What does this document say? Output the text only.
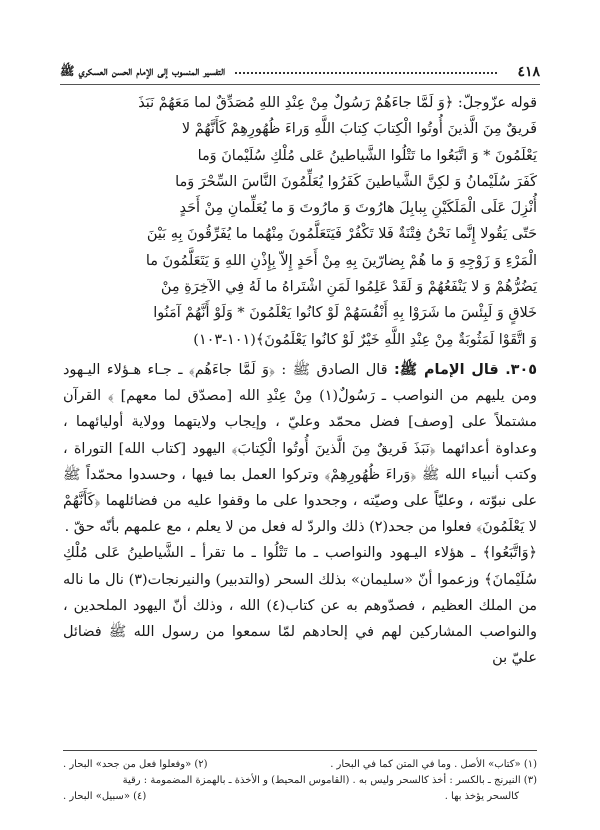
٤١٨
التفسير المنسوب إلى الإمام الحسن العسكري ﷺ

قوله عزّوجلّ: ﴿وَ لَمَّا جاءَهُمْ رَسُولٌ مِنْ عِنْدِ اللهِ مُصَدِّقٌ لما مَعَهُمْ نَبَذَ

فَريقٌ مِنَ الَّذينَ أُوتُوا الْكِتابَ كِتابَ اللَّهِ وَراءَ ظُهُورِهِمْ كَأَنَّهُمْ لا

يَعْلَمُونَ * وَ اتَّبَعُوا ما تَتْلُوا الشَّياطينُ عَلى مُلْكِ سُلَيْمانَ وَما

كَفَرَ سُلَيْمانُ وَ لكِنَّ الشَّياطينَ كَفَرُوا يُعَلِّمُونَ النَّاسَ السِّحْرَ وَما

أُنْزِلَ عَلَى الْمَلَكَيْنِ بِبابِلَ هارُوتَ وَ مارُوتَ وَ ما يُعَلِّمانِ مِنْ أَحَدٍ

حَتّى يَقُولا إِنَّما نَحْنُ فِتْنَةٌ فَلا تَكْفُرْ فَيَتَعَلَّمُونَ مِنْهُما ما يُفَرِّقُونَ بِهِ بَيْنَ

الْمَرْءِ وَ زَوْجِهِ وَ ما هُمْ بِضارّينَ بِهِ مِنْ أَحَدٍ إِلاّ بِإِذْنِ اللهِ وَ يَتَعَلَّمُونَ ما

يَضُرُّهُمْ وَ لا يَنْفَعُهُمْ وَ لَقَدْ عَلِمُوا لَمَنِ اشْتَراهُ ما لَهُ فِي الآخِرَةِ مِنْ

خَلاقٍ وَ لَبِئْسَ ما شَرَوْا بِهِ أَنْفُسَهُمْ لَوْ كانُوا يَعْلَمُونَ * وَلَوْ أَنَّهُمْ آمَنُوا

وَ اتَّقَوْا لَمَثُوبَةٌ مِنْ عِنْدِ اللَّهِ خَيْرٌ لَوْ كانُوا يَعْلَمُونَ﴾(١٠١-١٠٣)

٣٠٥. قال الإمام ﷺ: قال الصادق ﷺ : ﴿وَ لَمَّا جاءَهُم﴾ ـ جـاء هـؤلاء اليـهود ومن يليهم من النواصب ـ رَسُولٌ(١) مِنْ عِنْدِ الله [مصدّق لما معهم] ﴾ القرآن مشتملاً على [وصف] فضل محمّد وعليّ ، وإيجاب ولايتهما وولاية أوليائهما ، وعداوة أعدائهما ﴿نَبَذَ فَريقٌ مِنَ الَّذينَ أُوتُوا الْكِتابَ﴾ اليهود [كتاب الله] التوراة ، وكتب أنبياء الله ﷺ ﴿وَراءَ ظُهُورِهِمْ﴾ وتركوا العمل بما فيها ، وحسدوا محمّداً ﷺ على نبوّته ، وعليّاً على وصيّته ، وجحدوا على ما وقفوا عليه من فضائلهما ﴿كَأَنَّهُمْ لا يَعْلَمُونَ﴾ فعلوا من جحد(٢) ذلك والردّ له فعل من لا يعلم ، مع علمهم بأنّه حقّ .

﴿وَاتَّبَعُوا﴾ ـ هؤلاء اليـهود والنواصب ـ ما تَتْلُوا ـ ما تقرأ ـ الشَّياطينُ عَلى مُلْكِ سُلَيْمانَ﴾ وزعموا أنّ «سليمان» بذلك السحر (والتدبير) والنيرنجات(٣) نال ما ناله من الملك العظيم ، فصدّوهم به عن كتاب(٤) الله ، وذلك أنّ اليهود الملحدين ، والنواصب المشاركين لهم في إلحادهم لمّا سمعوا من رسول الله ﷺ فضائل عليّ بن

(١) «كتاب» الأصل . وما في المتن كما في البحار .
(٢) «وفعلوا فعل من جحد» البحار .
(٣) النيرنج ـ بالكسر : أخذ كالسحر وليس به . (القاموس المحيط) و الأخذة ـ بالهمزة المضمومة : رقية
كالسحر يؤخذ بها .
(٤) «سبيل» البحار .
